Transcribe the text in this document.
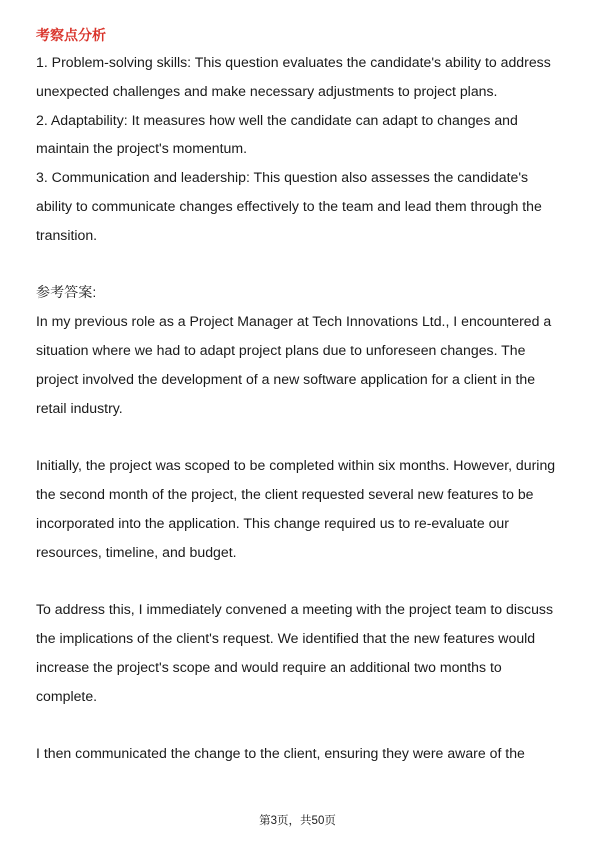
考察点分析

1. Problem-solving skills: This question evaluates the candidate's ability to address unexpected challenges and make necessary adjustments to project plans.

2. Adaptability: It measures how well the candidate can adapt to changes and maintain the project's momentum.

3. Communication and leadership: This question also assesses the candidate's ability to communicate changes effectively to the team and lead them through the transition.

参考答案:

In my previous role as a Project Manager at Tech Innovations Ltd., I encountered a situation where we had to adapt project plans due to unforeseen changes. The project involved the development of a new software application for a client in the retail industry.

Initially, the project was scoped to be completed within six months. However, during the second month of the project, the client requested several new features to be incorporated into the application. This change required us to re-evaluate our resources, timeline, and budget.

To address this, I immediately convened a meeting with the project team to discuss the implications of the client's request. We identified that the new features would increase the project's scope and would require an additional two months to complete.

I then communicated the change to the client, ensuring they were aware of the

第3页，共50页
